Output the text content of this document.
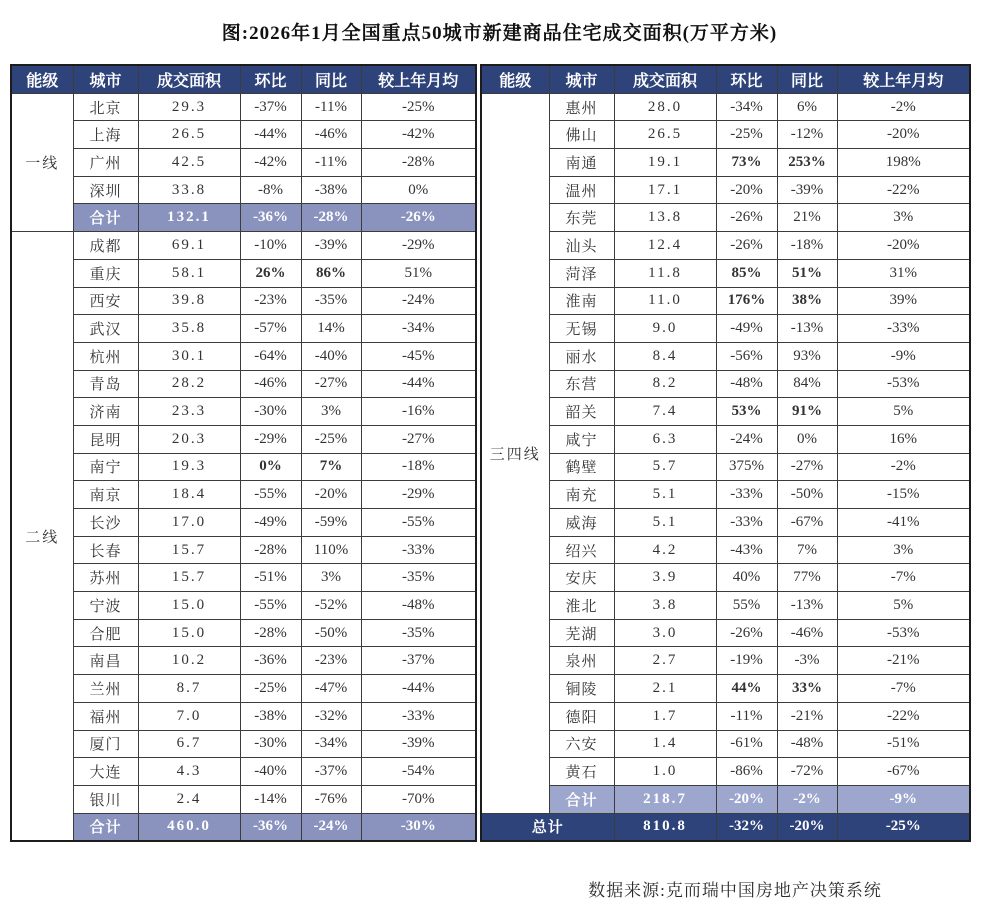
图:2026年1月全国重点50城市新建商品住宅成交面积(万平方米)
能级	城市	成交面积	环比	同比	较上年月均
一线	北京	29.3	-37%	-11%	-25%
	上海	26.5	-44%	-46%	-42%
	广州	42.5	-42%	-11%	-28%
	深圳	33.8	-8%	-38%	0%
	合计	132.1	-36%	-28%	-26%
二线	成都	69.1	-10%	-39%	-29%
	重庆	58.1	26%	86%	51%
	西安	39.8	-23%	-35%	-24%
	武汉	35.8	-57%	14%	-34%
	杭州	30.1	-64%	-40%	-45%
	青岛	28.2	-46%	-27%	-44%
	济南	23.3	-30%	3%	-16%
	昆明	20.3	-29%	-25%	-27%
	南宁	19.3	0%	7%	-18%
	南京	18.4	-55%	-20%	-29%
	长沙	17.0	-49%	-59%	-55%
	长春	15.7	-28%	110%	-33%
	苏州	15.7	-51%	3%	-35%
	宁波	15.0	-55%	-52%	-48%
	合肥	15.0	-28%	-50%	-35%
	南昌	10.2	-36%	-23%	-37%
	兰州	8.7	-25%	-47%	-44%
	福州	7.0	-38%	-32%	-33%
	厦门	6.7	-30%	-34%	-39%
	大连	4.3	-40%	-37%	-54%
	银川	2.4	-14%	-76%	-70%
	合计	460.0	-36%	-24%	-30%
能级	城市	成交面积	环比	同比	较上年月均
三四线	惠州	28.0	-34%	6%	-2%
	佛山	26.5	-25%	-12%	-20%
	南通	19.1	73%	253%	198%
	温州	17.1	-20%	-39%	-22%
	东莞	13.8	-26%	21%	3%
	汕头	12.4	-26%	-18%	-20%
	菏泽	11.8	85%	51%	31%
	淮南	11.0	176%	38%	39%
	无锡	9.0	-49%	-13%	-33%
	丽水	8.4	-56%	93%	-9%
	东营	8.2	-48%	84%	-53%
	韶关	7.4	53%	91%	5%
	咸宁	6.3	-24%	0%	16%
	鹤壁	5.7	375%	-27%	-2%
	南充	5.1	-33%	-50%	-15%
	威海	5.1	-33%	-67%	-41%
	绍兴	4.2	-43%	7%	3%
	安庆	3.9	40%	77%	-7%
	淮北	3.8	55%	-13%	5%
	芜湖	3.0	-26%	-46%	-53%
	泉州	2.7	-19%	-3%	-21%
	铜陵	2.1	44%	33%	-7%
	德阳	1.7	-11%	-21%	-22%
	六安	1.4	-61%	-48%	-51%
	黄石	1.0	-86%	-72%	-67%
	合计	218.7	-20%	-2%	-9%
总计		810.8	-32%	-20%	-25%
数据来源:克而瑞中国房地产决策系统
